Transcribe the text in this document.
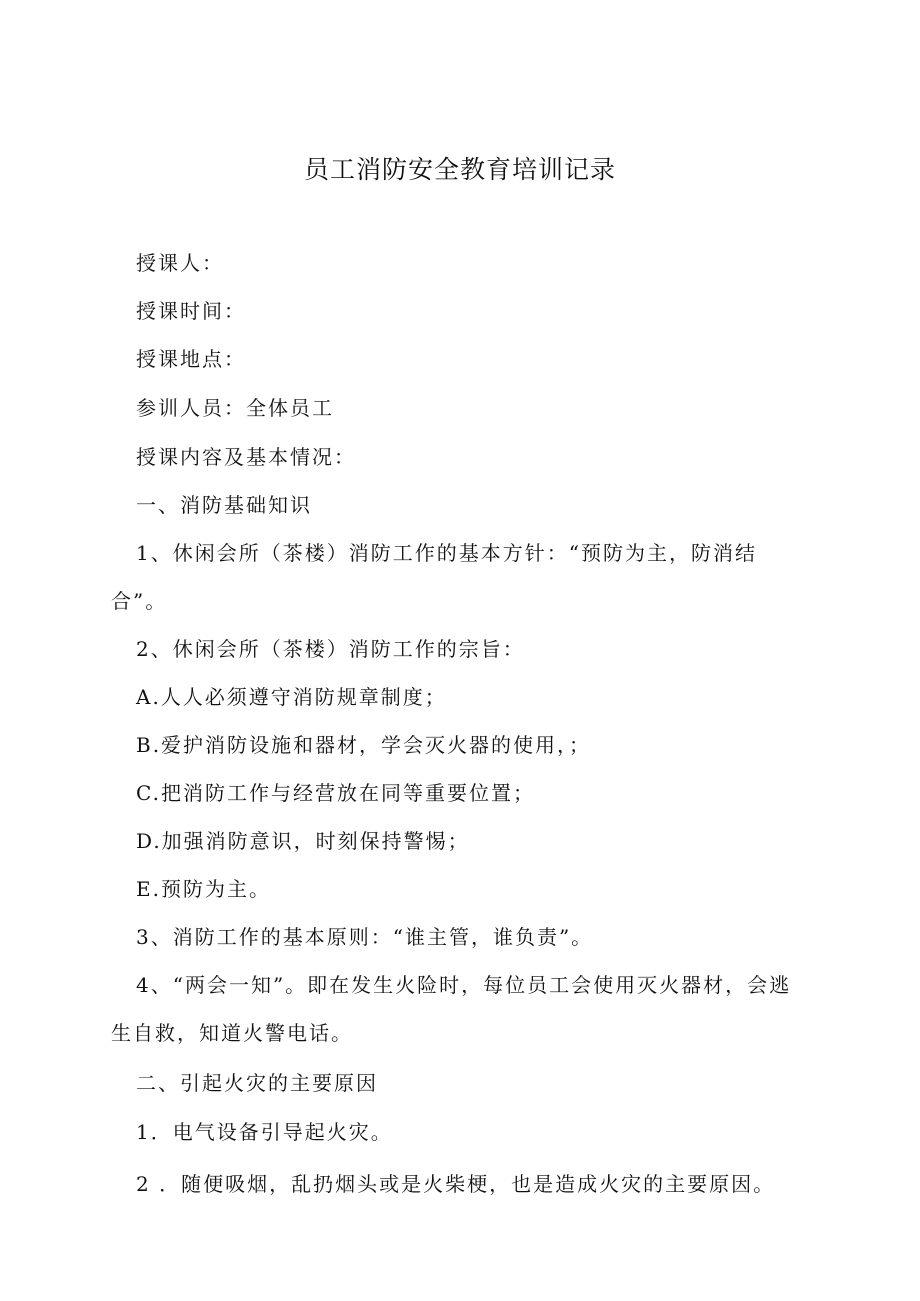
员工消防安全教育培训记录
授课人：
授课时间：
授课地点：
参训人员：全体员工
授课内容及基本情况：
一、消防基础知识
1、休闲会所（茶楼）消防工作的基本方针：“预防为主，防消结
合”。
2、休闲会所（茶楼）消防工作的宗旨：
A.人人必须遵守消防规章制度；
B.爱护消防设施和器材，学会灭火器的使用，；
C.把消防工作与经营放在同等重要位置；
D.加强消防意识，时刻保持警惕；
E.预防为主。
3、消防工作的基本原则：“谁主管，谁负责”。
4、“两会一知”。即在发生火险时，每位员工会使用灭火器材，会逃
生自救，知道火警电话。
二、引起火灾的主要原因
1．电气设备引导起火灾。
2 ．随便吸烟，乱扔烟头或是火柴梗，也是造成火灾的主要原因。
